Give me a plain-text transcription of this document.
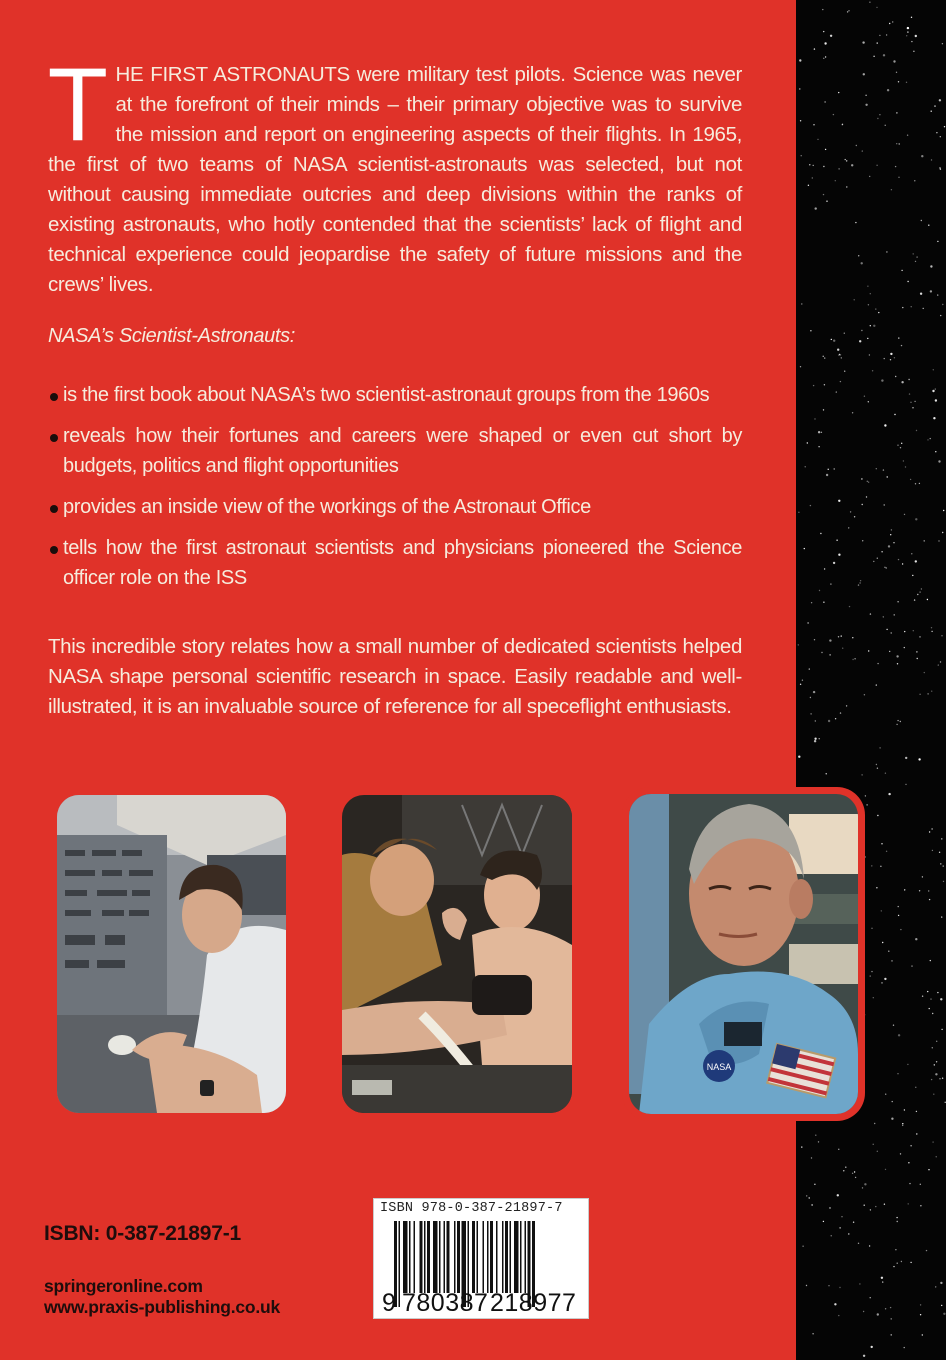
THE FIRST ASTRONAUTS were military test pilots. Science was never at the forefront of their minds – their primary objective was to survive the mission and report on engineering aspects of their flights. In 1965, the first of two teams of NASA scientist-astronauts was selected, but not without causing immediate outcries and deep divisions within the ranks of existing astronauts, who hotly contended that the scientists’ lack of flight and technical experience could jeopardise the safety of future missions and the crews’ lives.

NASA’s Scientist-Astronauts:
is the first book about NASA’s two scientist-astronaut groups from the 1960s
reveals how their fortunes and careers were shaped or even cut short by budgets, politics and flight opportunities
provides an inside view of the workings of the Astronaut Office
tells how the first astronaut scientists and physicians pioneered the Science officer role on the ISS

This incredible story relates how a small number of dedicated scientists helped NASA shape personal scientific research in space. Easily readable and well-illustrated, it is an invaluable source of reference for all speceflight enthusiasts.

NASA
ISBN: 0-387-21897-1
springeronline.com
www.praxis-publishing.co.uk
ISBN 978-0-387-21897-7
9 780387 218977
